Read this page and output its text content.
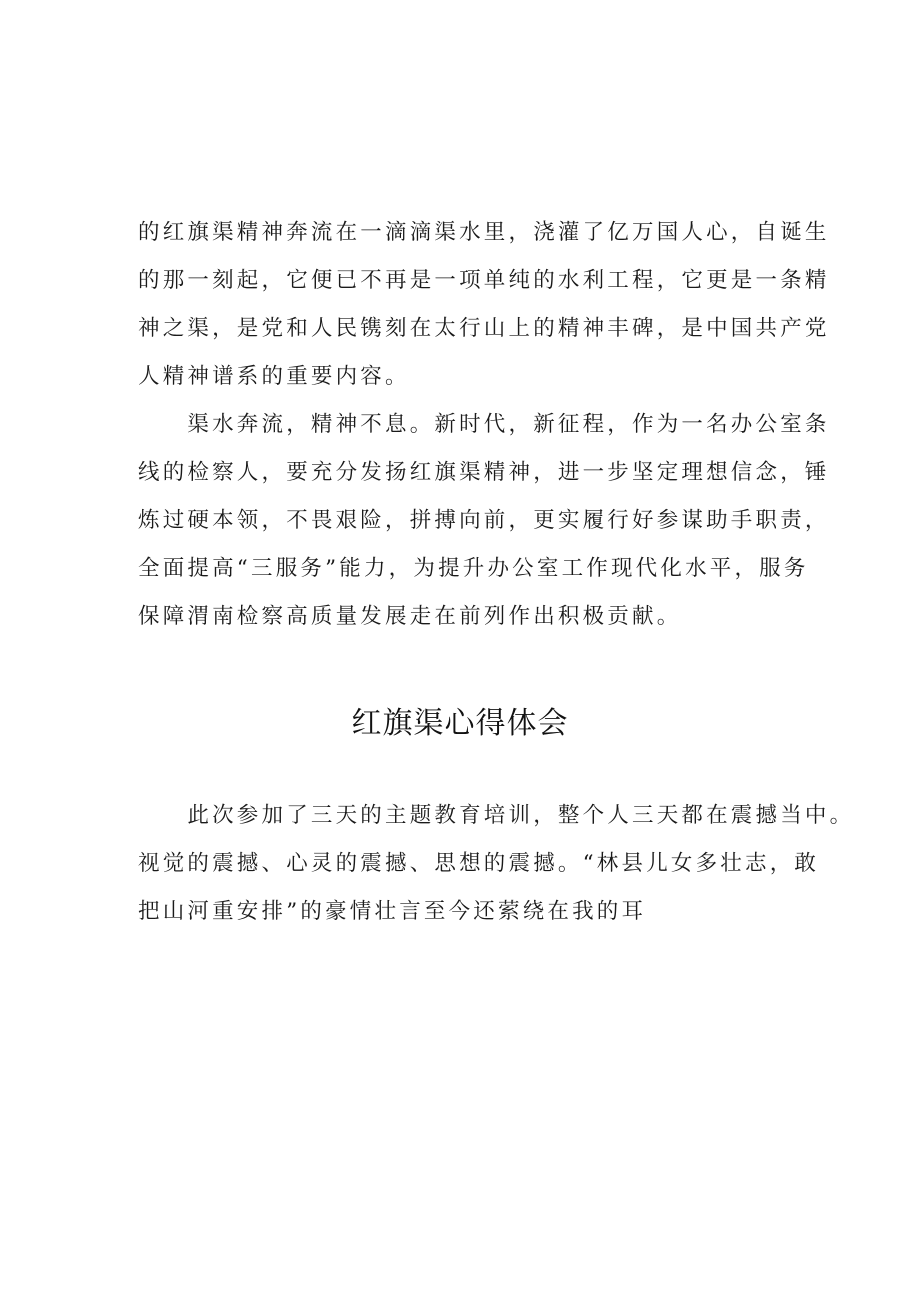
的红旗渠精神奔流在一滴滴渠水里，浇灌了亿万国人心，自诞生
的那一刻起，它便已不再是一项单纯的水利工程，它更是一条精
神之渠，是党和人民镌刻在太行山上的精神丰碑，是中国共产党
人精神谱系的重要内容。
　　渠水奔流，精神不息。新时代，新征程，作为一名办公室条
线的检察人，要充分发扬红旗渠精神，进一步坚定理想信念，锤
炼过硬本领，不畏艰险，拼搏向前，更实履行好参谋助手职责，
全面提高“三服务”能力，为提升办公室工作现代化水平，服务
保障渭南检察高质量发展走在前列作出积极贡献。
红旗渠心得体会
　　此次参加了三天的主题教育培训，整个人三天都在震撼当中。
视觉的震撼、心灵的震撼、思想的震撼。“林县儿女多壮志，敢
把山河重安排”的豪情壮言至今还萦绕在我的耳
